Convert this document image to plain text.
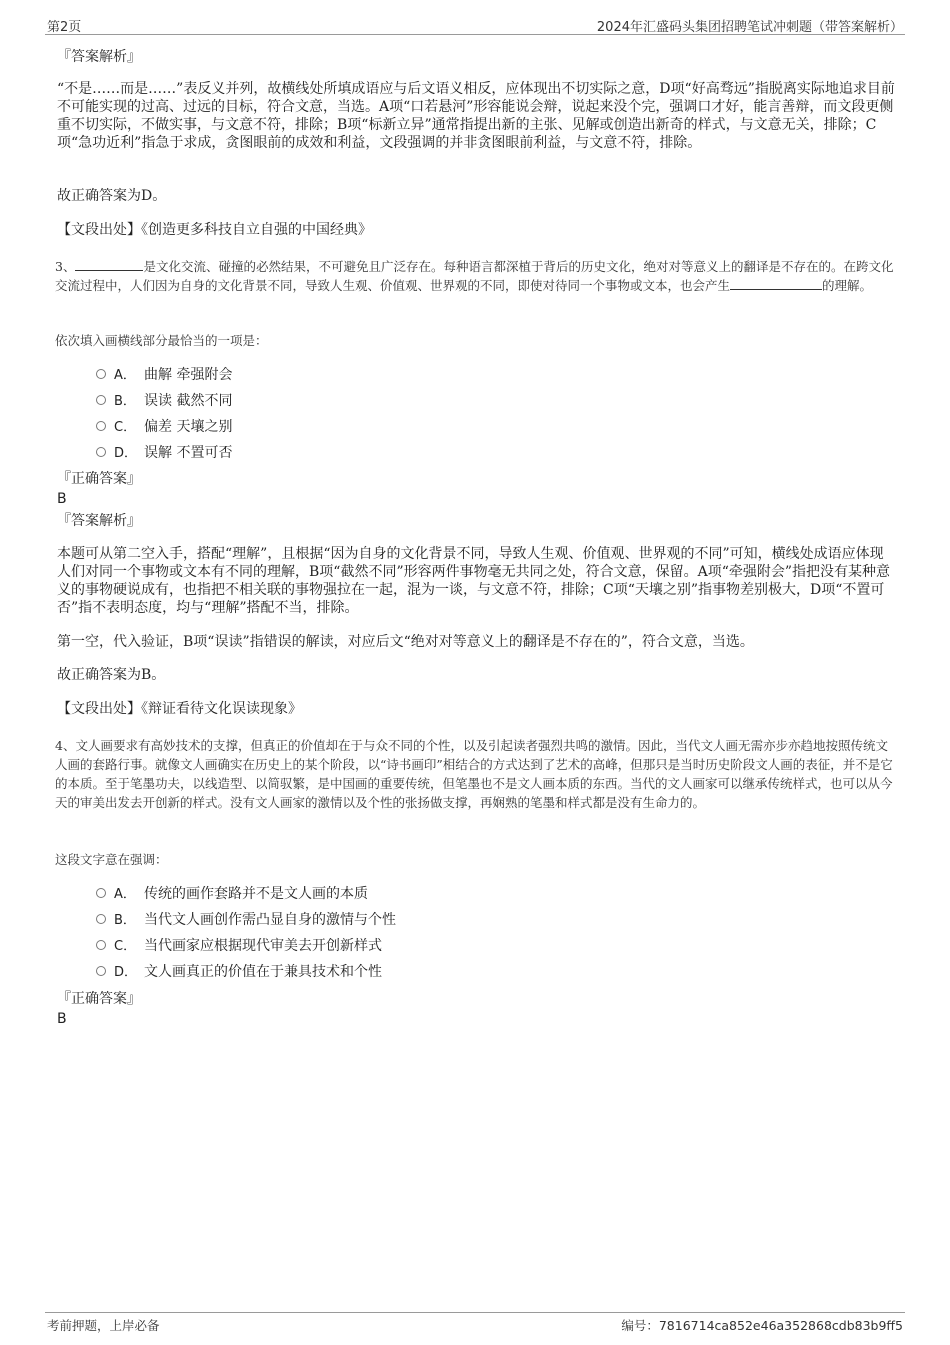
第2页	2024年汇盛码头集团招聘笔试冲刺题（带答案解析）
『答案解析』
“不是……而是……”表反义并列，故横线处所填成语应与后文语义相反，应体现出不切实际之意，D项“好高骛远”指脱离实际地追求目前不可能实现的过高、过远的目标，符合文意，当选。A项“口若悬河”形容能说会辩，说起来没个完，强调口才好，能言善辩，而文段更侧重不切实际，不做实事，与文意不符，排除；B项“标新立异”通常指提出新的主张、见解或创造出新奇的样式，与文意无关，排除；C项“急功近利”指急于求成，贪图眼前的成效和利益，文段强调的并非贪图眼前利益，与文意不符，排除。
故正确答案为D。
【文段出处】《创造更多科技自立自强的中国经典》
3、	是文化交流、碰撞的必然结果，不可避免且广泛存在。每种语言都深植于背后的历史文化，绝对对等意义上的翻译是不存在的。在跨文化交流过程中，人们因为自身的文化背景不同，导致人生观、价值观、世界观的不同，即使对待同一个事物或文本，也会产生	的理解。
依次填入画横线部分最恰当的一项是：
A． 曲解 牵强附会
B． 误读 截然不同
C． 偏差 天壤之别
D． 误解 不置可否
『正确答案』
B
『答案解析』
本题可从第二空入手，搭配“理解”，且根据“因为自身的文化背景不同，导致人生观、价值观、世界观的不同”可知，横线处成语应体现人们对同一个事物或文本有不同的理解，B项“截然不同”形容两件事物毫无共同之处，符合文意，保留。A项“牵强附会”指把没有某种意义的事物硬说成有，也指把不相关联的事物强拉在一起，混为一谈，与文意不符，排除；C项“天壤之别”指事物差别极大，D项“不置可否”指不表明态度，均与“理解”搭配不当，排除。
第一空，代入验证，B项“误读”指错误的解读，对应后文“绝对对等意义上的翻译是不存在的”，符合文意，当选。
故正确答案为B。
【文段出处】《辩证看待文化误读现象》
4、文人画要求有高妙技术的支撑，但真正的价值却在于与众不同的个性，以及引起读者强烈共鸣的激情。因此，当代文人画无需亦步亦趋地按照传统文人画的套路行事。就像文人画确实在历史上的某个阶段，以“诗书画印”相结合的方式达到了艺术的高峰，但那只是当时历史阶段文人画的表征，并不是它的本质。至于笔墨功夫，以线造型、以简驭繁，是中国画的重要传统，但笔墨也不是文人画本质的东西。当代的文人画家可以继承传统样式，也可以从今天的审美出发去开创新的样式。没有文人画家的激情以及个性的张扬做支撑，再娴熟的笔墨和样式都是没有生命力的。
这段文字意在强调：
A． 传统的画作套路并不是文人画的本质
B． 当代文人画创作需凸显自身的激情与个性
C． 当代画家应根据现代审美去开创新样式
D． 文人画真正的价值在于兼具技术和个性
『正确答案』
B
考前押题，上岸必备	编号：7816714ca852e46a352868cdb83b9ff5
